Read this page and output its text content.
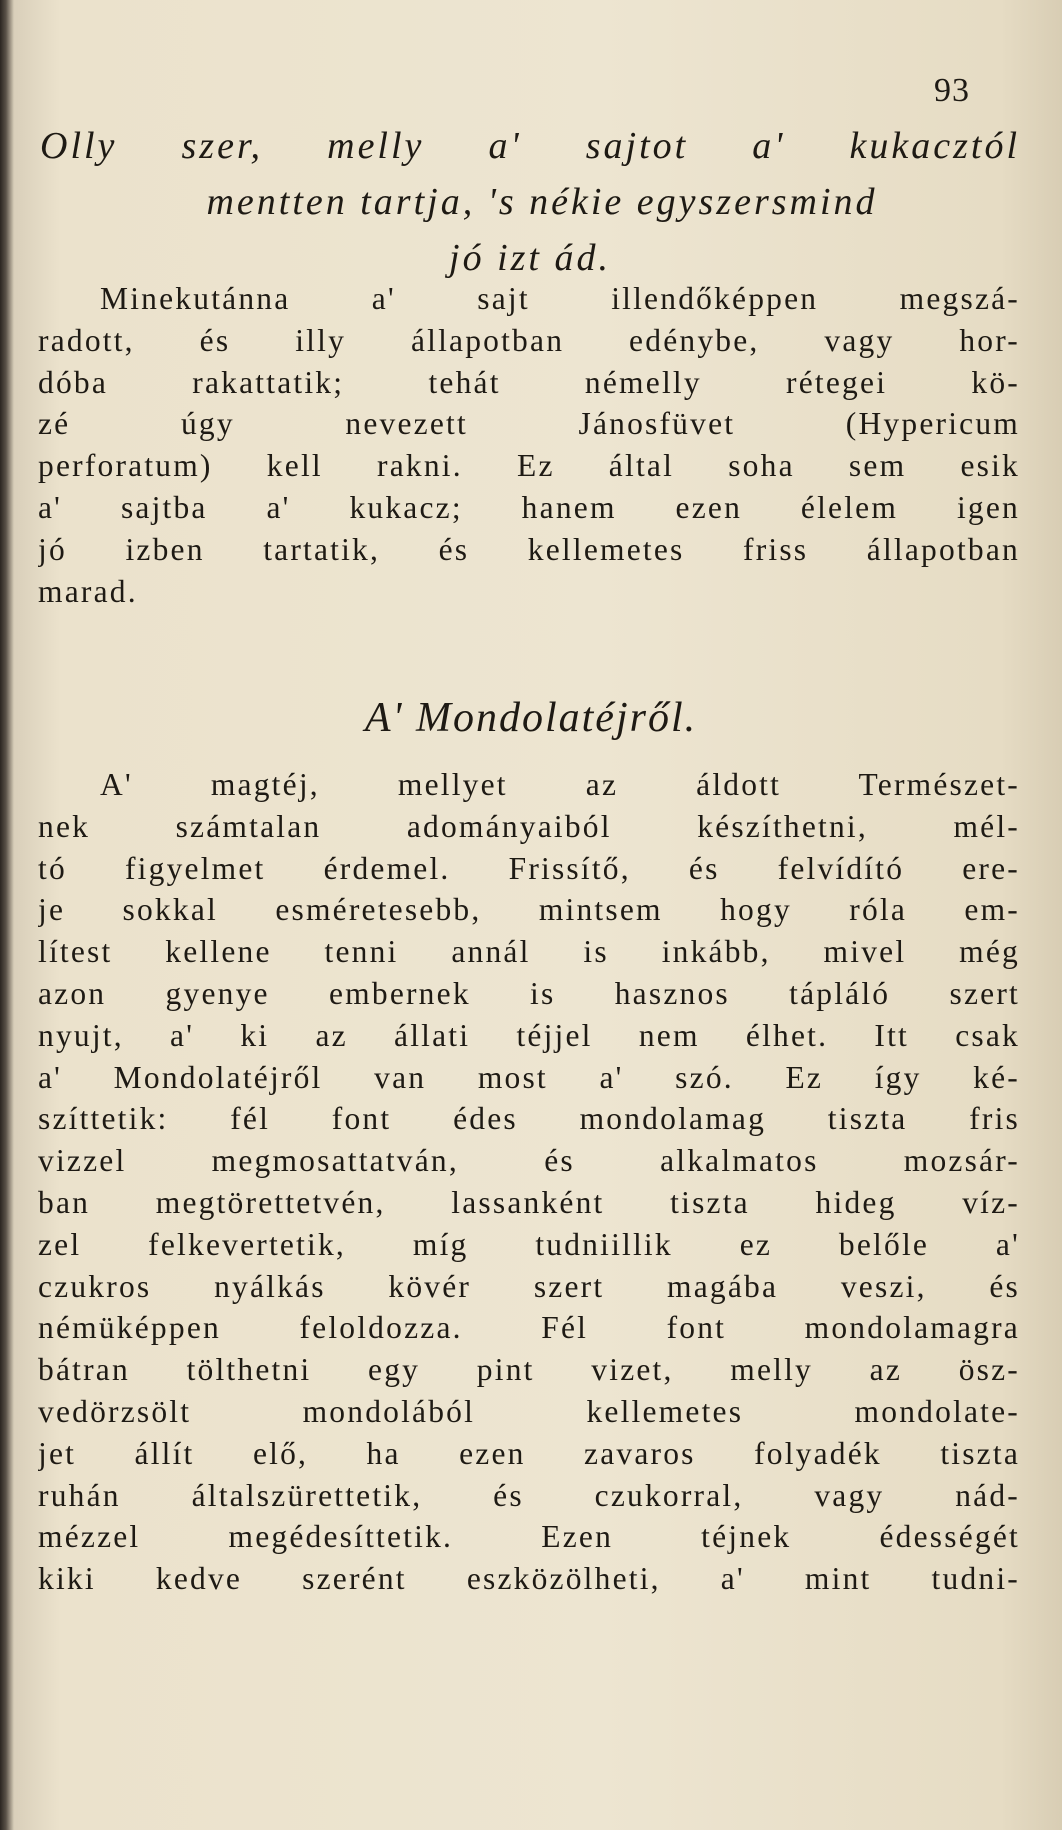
93
Olly szer, melly a' sajtot a' kukacztól
mentten tartja, 's nékie egyszersmind
jó izt ád.
Minekutánna a' sajt illendőképpen megszá-
radott, és illy állapotban edénybe, vagy hor-
dóba rakattatik; tehát némelly rétegei kö-
zé úgy nevezett Jánosfüvet (Hypericum
perforatum) kell rakni. Ez által soha sem esik
a' sajtba a' kukacz; hanem ezen élelem igen
jó izben tartatik, és kellemetes friss állapotban
marad.
A' Mondolatéjről.
A' magtéj, mellyet az áldott Természet-
nek számtalan adományaiból készíthetni, mél-
tó figyelmet érdemel. Frissítő, és felvídító ere-
je sokkal esméretesebb, mintsem hogy róla em-
lítest kellene tenni annál is inkább, mivel még
azon gyenye embernek is hasznos tápláló szert
nyujt, a' ki az állati téjjel nem élhet. Itt csak
a' Mondolatéjről van most a' szó. Ez így ké-
szíttetik: fél font édes mondolamag tiszta fris
vizzel megmosattatván, és alkalmatos mozsár-
ban megtörettetvén, lassanként tiszta hideg víz-
zel felkevertetik, míg tudniillik ez belőle a'
czukros nyálkás kövér szert magába veszi, és
némüképpen feloldozza. Fél font mondolamagra
bátran tölthetni egy pint vizet, melly az ösz-
vedörzsölt mondolából kellemetes mondolate-
jet állít elő, ha ezen zavaros folyadék tiszta
ruhán általszürettetik, és czukorral, vagy nád-
mézzel megédesíttetik. Ezen téjnek édességét
kiki kedve szerént eszközölheti, a' mint tudni-
